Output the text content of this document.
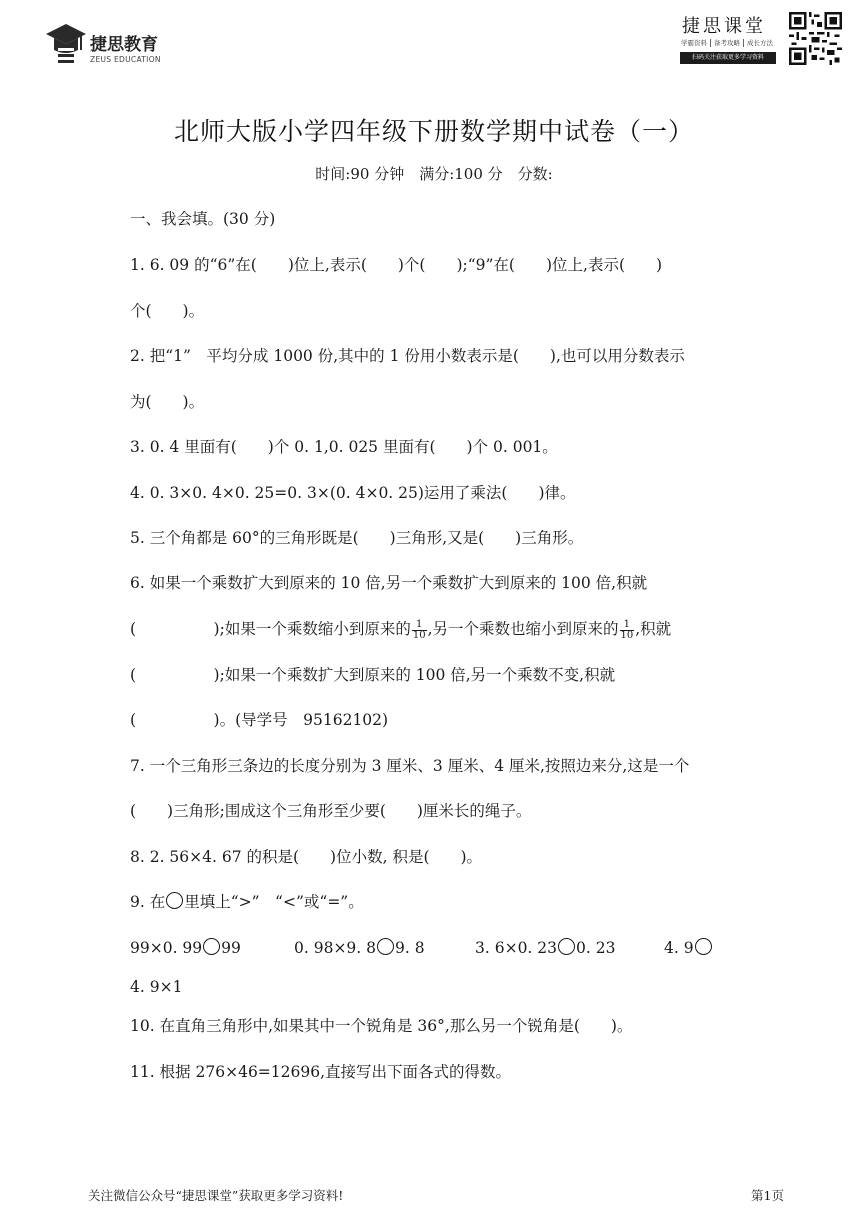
捷思教育
ZEUS EDUCATION
捷思课堂
学霸资料 备考攻略 成长方法
扫码关注获取更多学习资料
北师大版小学四年级下册数学期中试卷（一）
时间:90 分钟　满分:100 分　分数:
一、我会填。(30 分)
1. 6. 09 的“6”在(　　)位上,表示(　　)个(　　);“9”在(　　)位上,表示(　　)
个(　　)。
2. 把“1”　平均分成 1000 份,其中的 1 份用小数表示是(　　),也可以用分数表示
为(　　)。
3. 0. 4 里面有(　　)个 0. 1,0. 025 里面有(　　)个 0. 001。
4. 0. 3×0. 4×0. 25=0. 3×(0. 4×0. 25)运用了乘法(　　)律。
5. 三个角都是 60°的三角形既是(　　)三角形,又是(　　)三角形。
6. 如果一个乘数扩大到原来的 10 倍,另一个乘数扩大到原来的 100 倍,积就
(　　　　　);如果一个乘数缩小到原来的 $\frac{1}{10}$ ,另一个乘数也缩小到原来的 $\frac{1}{10}$ ,积就
(　　　　　);如果一个乘数扩大到原来的 100 倍,另一个乘数不变,积就
(　　　　　)。(导学号　95162102)
7. 一个三角形三条边的长度分别为 3 厘米、3 厘米、4 厘米,按照边来分,这是一个
(　　)三角形;围成这个三角形至少要(　　)厘米长的绳子。
8. 2. 56×4. 67 的积是(　　)位小数, 积是(　　)。
9. 在 里填上“>”　“<”或“=”。
99×0. 99 99	0. 98×9. 8 9. 8	3. 6×0. 23 0. 23	4. 9
4. 9×1
10. 在直角三角形中,如果其中一个锐角是 36°,那么另一个锐角是(　　)。
11. 根据 276×46=12696,直接写出下面各式的得数。
关注微信公众号“捷思课堂”获取更多学习资料!	第1页
